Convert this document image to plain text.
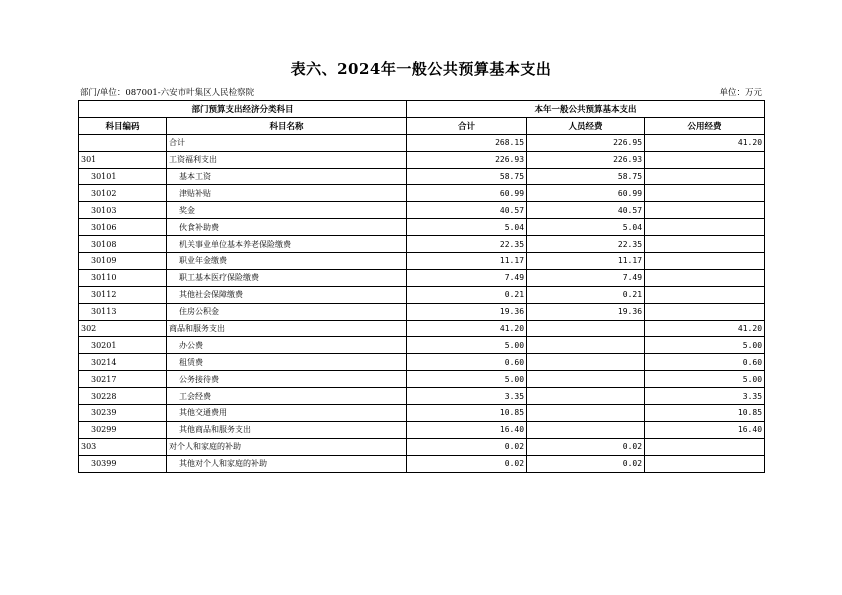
表六、2024年一般公共预算基本支出
部门/单位：087001-六安市叶集区人民检察院	单位：万元
部门预算支出经济分类科目		本年一般公共预算基本支出		
科目编码	科目名称	合计	人员经费	公用经费
	合计	268.15	226.95	41.20
301	工资福利支出	226.93	226.93	
30101	基本工资	58.75	58.75	
30102	津贴补贴	60.99	60.99	
30103	奖金	40.57	40.57	
30106	伙食补助费	5.04	5.04	
30108	机关事业单位基本养老保险缴费	22.35	22.35	
30109	职业年金缴费	11.17	11.17	
30110	职工基本医疗保险缴费	7.49	7.49	
30112	其他社会保障缴费	0.21	0.21	
30113	住房公积金	19.36	19.36	
302	商品和服务支出	41.20		41.20
30201	办公费	5.00		5.00
30214	租赁费	0.60		0.60
30217	公务接待费	5.00		5.00
30228	工会经费	3.35		3.35
30239	其他交通费用	10.85		10.85
30299	其他商品和服务支出	16.40		16.40
303	对个人和家庭的补助	0.02	0.02	
30399	其他对个人和家庭的补助	0.02	0.02	
